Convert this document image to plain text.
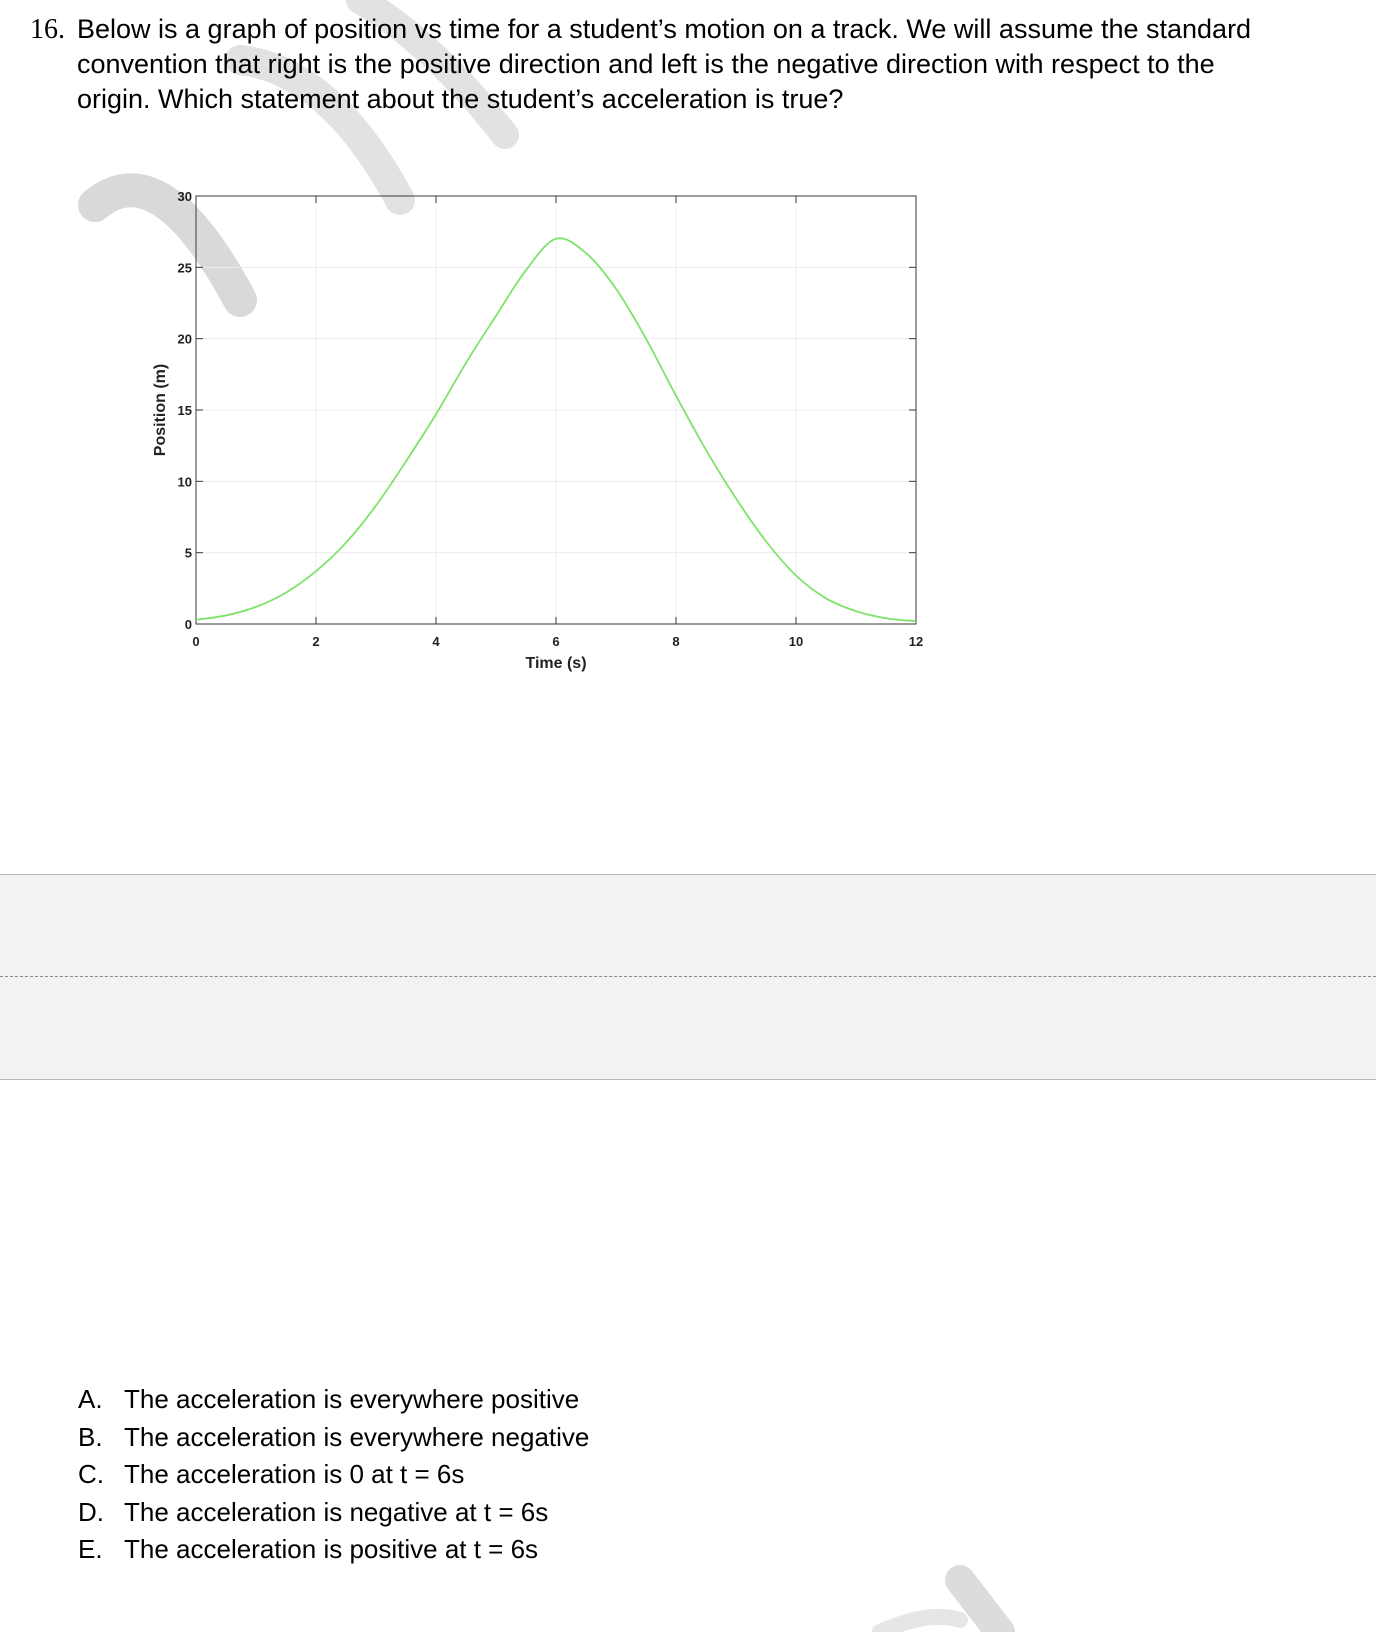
16. Below is a graph of position vs time for a student’s motion on a track. We will assume the standard convention that right is the positive direction and left is the negative direction with respect to the origin. Which statement about the student’s acceleration is true?
0	2	4	6	8	10	12
0
5
10
15
20
25
30
Time (s)
Position (m)
A. The acceleration is everywhere positive
B. The acceleration is everywhere negative
C. The acceleration is 0 at t = 6s
D. The acceleration is negative at t = 6s
E. The acceleration is positive at t = 6s
